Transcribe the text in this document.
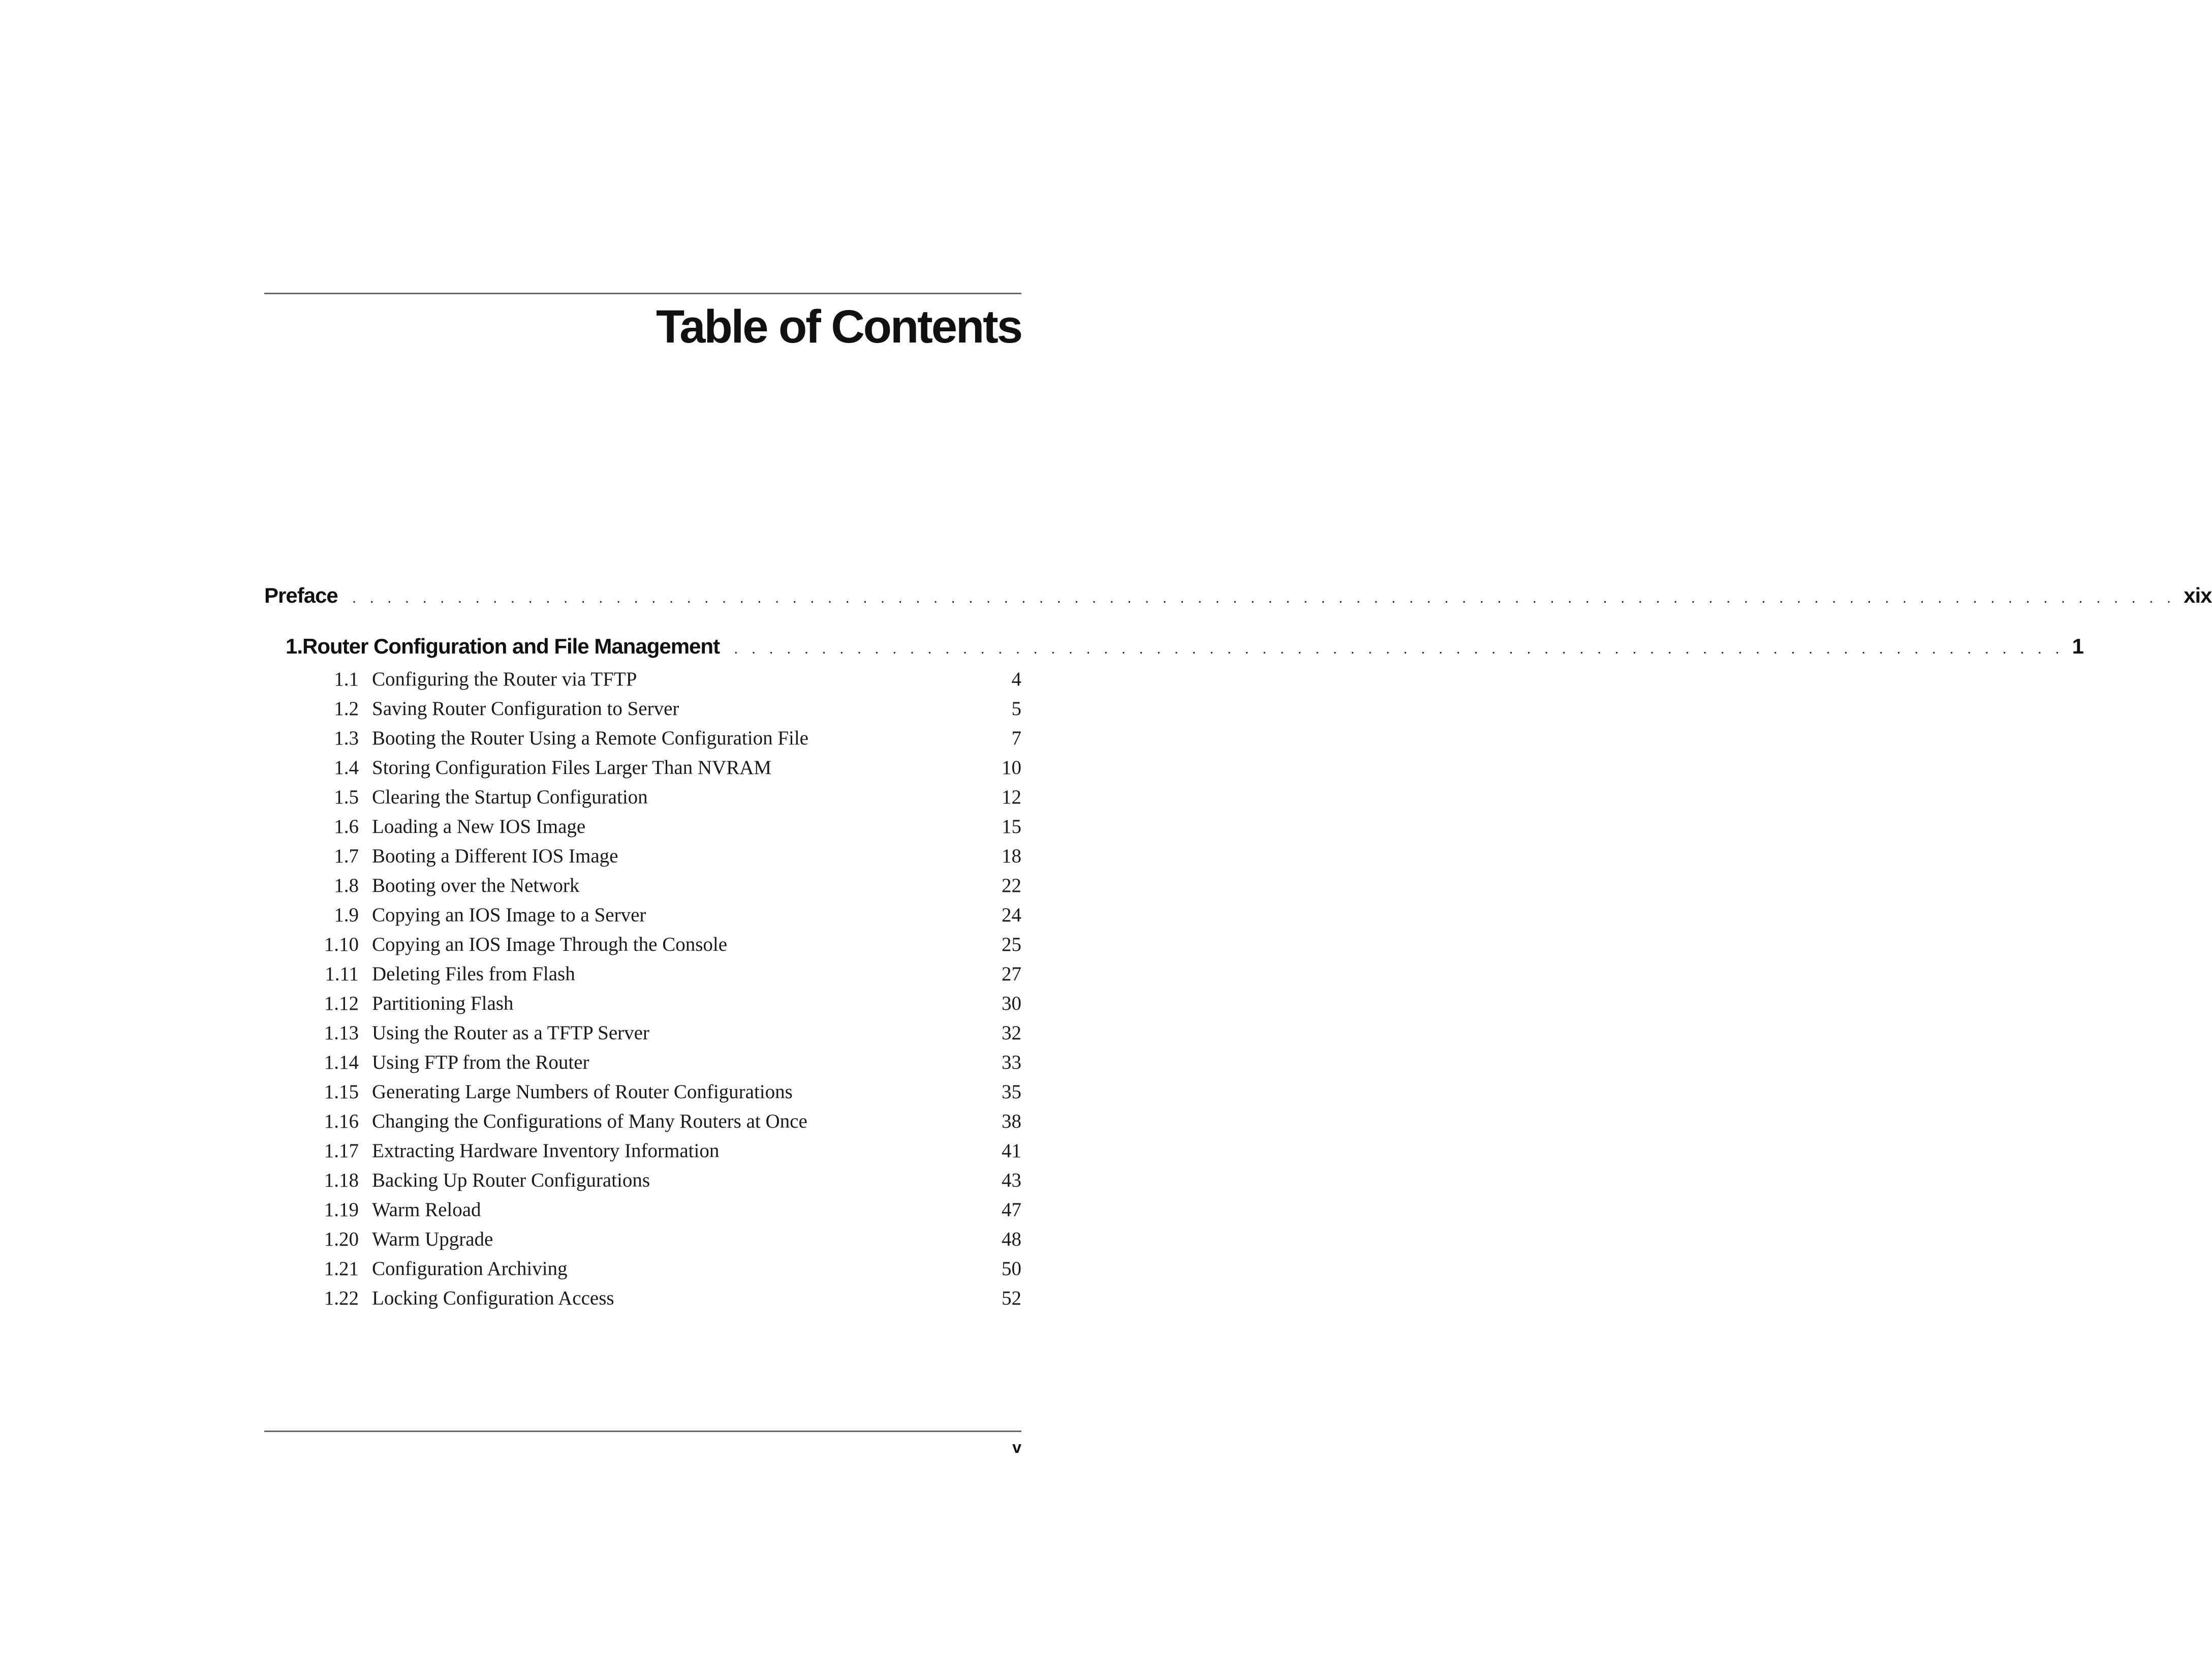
Table of Contents
Preface . . . . . . . . . . . . . . . . . . . . . . . . . . . . . . . . . . . . . . . . . . . . . . . . . . . . . . . . . . . . . . . . . . . . . . . . . . . . . . . . . . . . . . . . . . . . . . . . . . . . . . . . xix
1. Router Configuration and File Management . . . . . . . . . . . . . . . . . . . . . . . . . . . . . . . . . . . . . . . . . . . . . . . . . . . . . . . . . . . . . . . . . . . . . . . . . . . . 1
1.1 Configuring the Router via TFTP	4
1.2 Saving Router Configuration to Server	5
1.3 Booting the Router Using a Remote Configuration File	7
1.4 Storing Configuration Files Larger Than NVRAM	10
1.5 Clearing the Startup Configuration	12
1.6 Loading a New IOS Image	15
1.7 Booting a Different IOS Image	18
1.8 Booting over the Network	22
1.9 Copying an IOS Image to a Server	24
1.10 Copying an IOS Image Through the Console	25
1.11 Deleting Files from Flash	27
1.12 Partitioning Flash	30
1.13 Using the Router as a TFTP Server	32
1.14 Using FTP from the Router	33
1.15 Generating Large Numbers of Router Configurations	35
1.16 Changing the Configurations of Many Routers at Once	38
1.17 Extracting Hardware Inventory Information	41
1.18 Backing Up Router Configurations	43
1.19 Warm Reload	47
1.20 Warm Upgrade	48
1.21 Configuration Archiving	50
1.22 Locking Configuration Access	52
v
